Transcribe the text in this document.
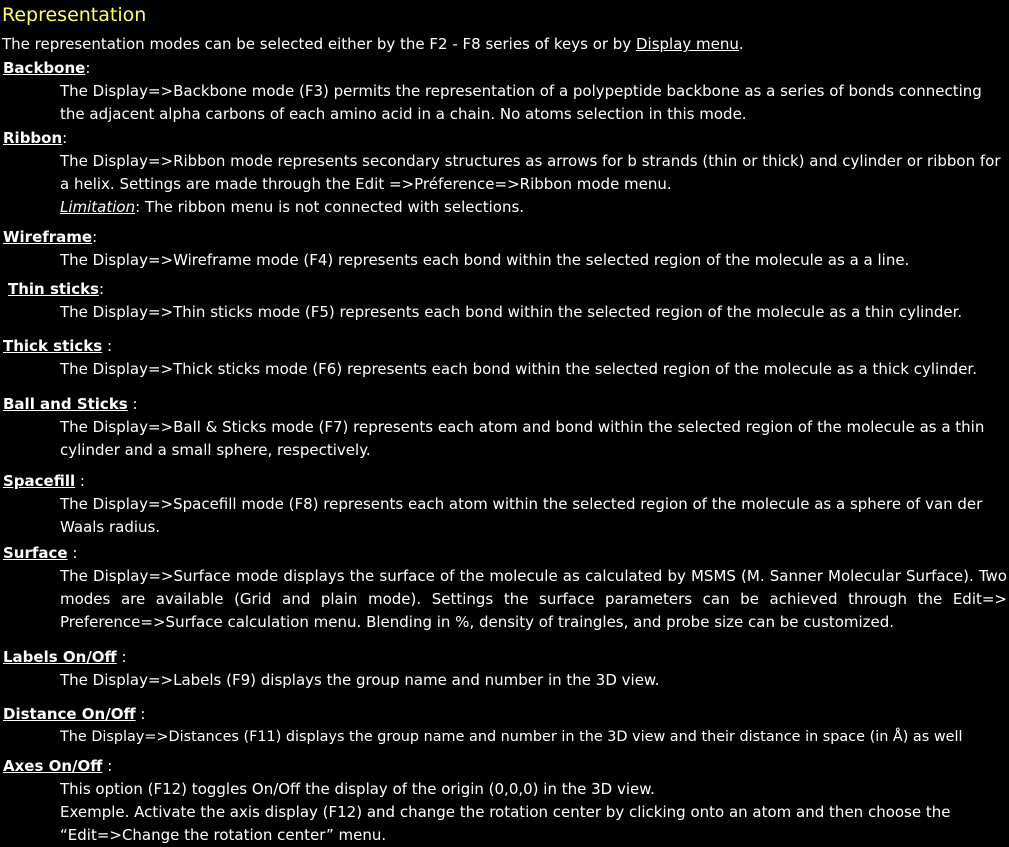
Representation
The representation modes can be selected either by the F2 - F8 series of keys or by Display menu.
Backbone:
The Display=>Backbone mode (F3) permits the representation of a polypeptide backbone as a series of bonds connecting the adjacent alpha carbons of each amino acid in a chain. No atoms selection in this mode.
Ribbon:
The Display=>Ribbon mode represents secondary structures as arrows for b strands (thin or thick) and cylinder or ribbon for a helix. Settings are made through the Edit =>Préference=>Ribbon mode menu.
Limitation: The ribbon menu is not connected with selections.
Wireframe:
The Display=>Wireframe mode (F4) represents each bond within the selected region of the molecule as a a line.
Thin sticks:
The Display=>Thin sticks mode (F5) represents each bond within the selected region of the molecule as a thin cylinder.
Thick sticks :
The Display=>Thick sticks mode (F6) represents each bond within the selected region of the molecule as a thick cylinder.
Ball and Sticks :
The Display=>Ball & Sticks mode (F7) represents each atom and bond within the selected region of the molecule as a thin cylinder and a small sphere, respectively.
Spacefill :
The Display=>Spacefill mode (F8) represents each atom within the selected region of the molecule as a sphere of van der Waals radius.
Surface :
The Display=>Surface mode displays the surface of the molecule as calculated by MSMS (M. Sanner Molecular Surface). Two modes are available (Grid and plain mode). Settings the surface parameters can be achieved through the Edit=> Preference=>Surface calculation menu. Blending in %, density of traingles, and probe size can be customized.
Labels On/Off :
The Display=>Labels (F9) displays the group name and number in the 3D view.
Distance On/Off :
The Display=>Distances (F11) displays the group name and number in the 3D view and their distance in space (in Å) as well
Axes On/Off :
This option (F12) toggles On/Off the display of the origin (0,0,0) in the 3D view.
Exemple. Activate the axis display (F12) and change the rotation center by clicking onto an atom and then choose the “Edit=>Change the rotation center” menu.
